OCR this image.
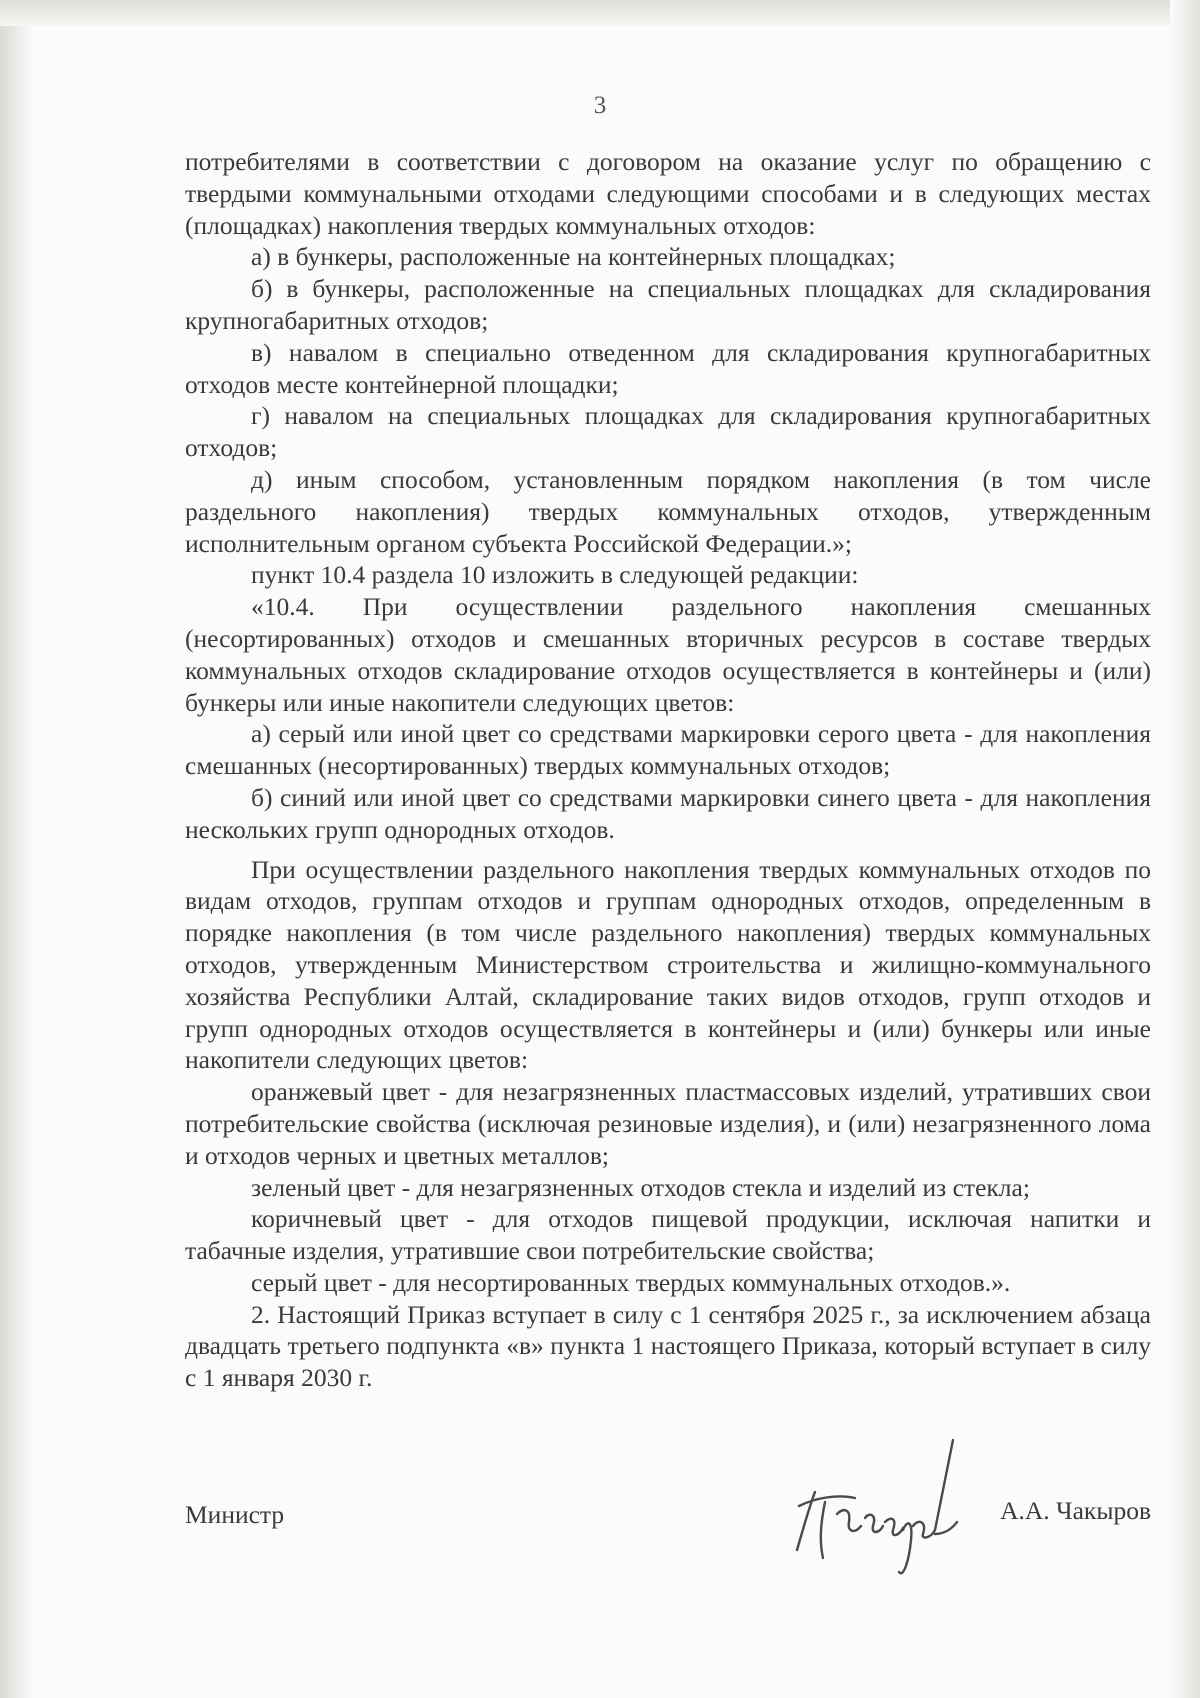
3

потребителями в соответствии с договором на оказание услуг по обращению с твердыми коммунальными отходами следующими способами и в следующих местах (площадках) накопления твердых коммунальных отходов:

а) в бункеры, расположенные на контейнерных площадках;

б) в бункеры, расположенные на специальных площадках для складирования крупногабаритных отходов;

в) навалом в специально отведенном для складирования крупногабаритных отходов месте контейнерной площадки;

г) навалом на специальных площадках для складирования крупногабаритных отходов;

д) иным способом, установленным порядком накопления (в том числе раздельного накопления) твердых коммунальных отходов, утвержденным исполнительным органом субъекта Российской Федерации.»;

пункт 10.4 раздела 10 изложить в следующей редакции:

«10.4. При осуществлении раздельного накопления смешанных (несортированных) отходов и смешанных вторичных ресурсов в составе твердых коммунальных отходов складирование отходов осуществляется в контейнеры и (или) бункеры или иные накопители следующих цветов:

а) серый или иной цвет со средствами маркировки серого цвета - для накопления смешанных (несортированных) твердых коммунальных отходов;

б) синий или иной цвет со средствами маркировки синего цвета - для накопления нескольких групп однородных отходов.

При осуществлении раздельного накопления твердых коммунальных отходов по видам отходов, группам отходов и группам однородных отходов, определенным в порядке накопления (в том числе раздельного накопления) твердых коммунальных отходов, утвержденным Министерством строительства и жилищно-коммунального хозяйства Республики Алтай, складирование таких видов отходов, групп отходов и групп однородных отходов осуществляется в контейнеры и (или) бункеры или иные накопители следующих цветов:

оранжевый цвет - для незагрязненных пластмассовых изделий, утративших свои потребительские свойства (исключая резиновые изделия), и (или) незагрязненного лома и отходов черных и цветных металлов;

зеленый цвет - для незагрязненных отходов стекла и изделий из стекла;

коричневый цвет - для отходов пищевой продукции, исключая напитки и табачные изделия, утратившие свои потребительские свойства;

серый цвет - для несортированных твердых коммунальных отходов.».

2. Настоящий Приказ вступает в силу с 1 сентября 2025 г., за исключением абзаца двадцать третьего подпункта «в» пункта 1 настоящего Приказа, который вступает в силу с 1 января 2030 г.

Министр	А.А. Чакыров
